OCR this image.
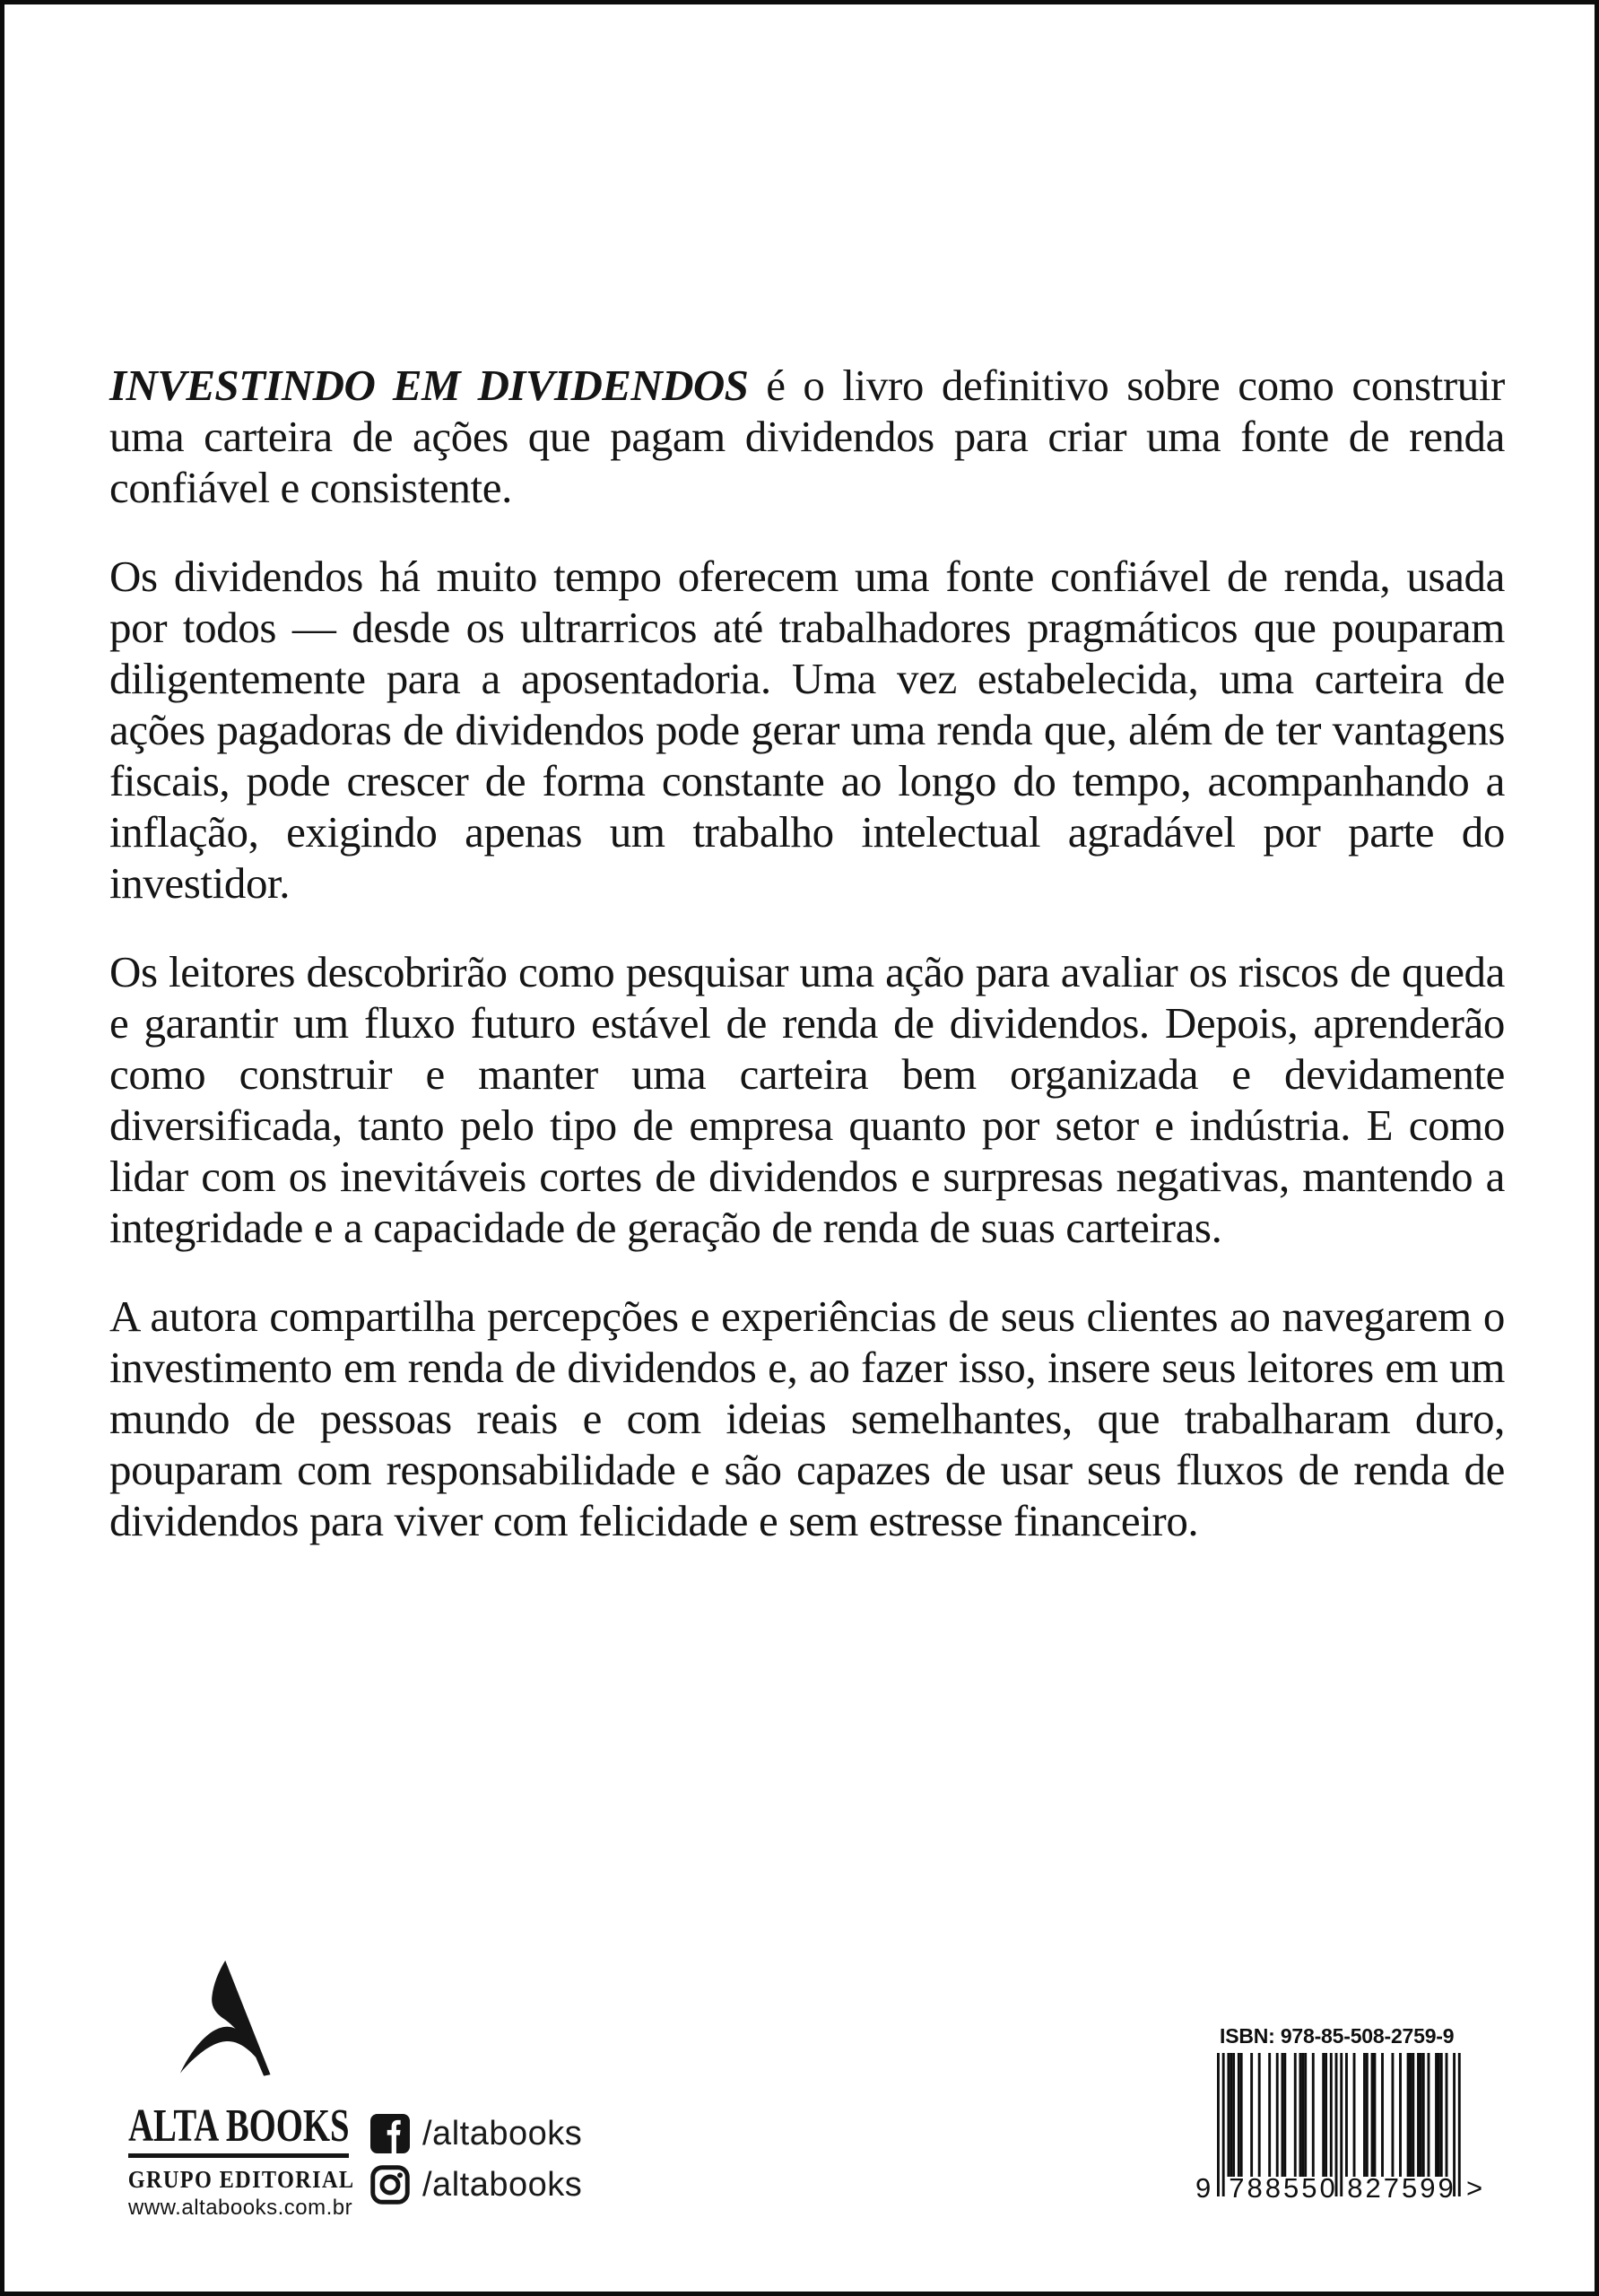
INVESTINDO EM DIVIDENDOS é o livro definitivo sobre como construir uma carteira de ações que pagam dividendos para criar uma fonte de renda confiável e consistente.

Os dividendos há muito tempo oferecem uma fonte confiável de renda, usada por todos — desde os ultrarricos até trabalhadores pragmáticos que pouparam diligentemente para a aposentadoria. Uma vez estabelecida, uma carteira de ações pagadoras de dividendos pode gerar uma renda que, além de ter vantagens fiscais, pode crescer de forma constante ao longo do tempo, acompanhando a inflação, exigindo apenas um trabalho intelectual agradável por parte do investidor.

Os leitores descobrirão como pesquisar uma ação para avaliar os riscos de queda e garantir um fluxo futuro estável de renda de dividendos. Depois, aprenderão como construir e manter uma carteira bem organizada e devidamente diversificada, tanto pelo tipo de empresa quanto por setor e indústria. E como lidar com os inevitáveis cortes de dividendos e surpresas negativas, mantendo a integridade e a capacidade de geração de renda de suas carteiras.

A autora compartilha percepções e experiências de seus clientes ao navegarem o investimento em renda de dividendos e, ao fazer isso, insere seus leitores em um mundo de pessoas reais e com ideias semelhantes, que trabalharam duro, pouparam com responsabilidade e são capazes de usar seus fluxos de renda de dividendos para viver com felicidade e sem estresse financeiro.

ALTA BOOKS
GRUPO EDITORIAL
www.altabooks.com.br
/altabooks
/altabooks
ISBN: 978-85-508-2759-9
9 788550 827599 >
